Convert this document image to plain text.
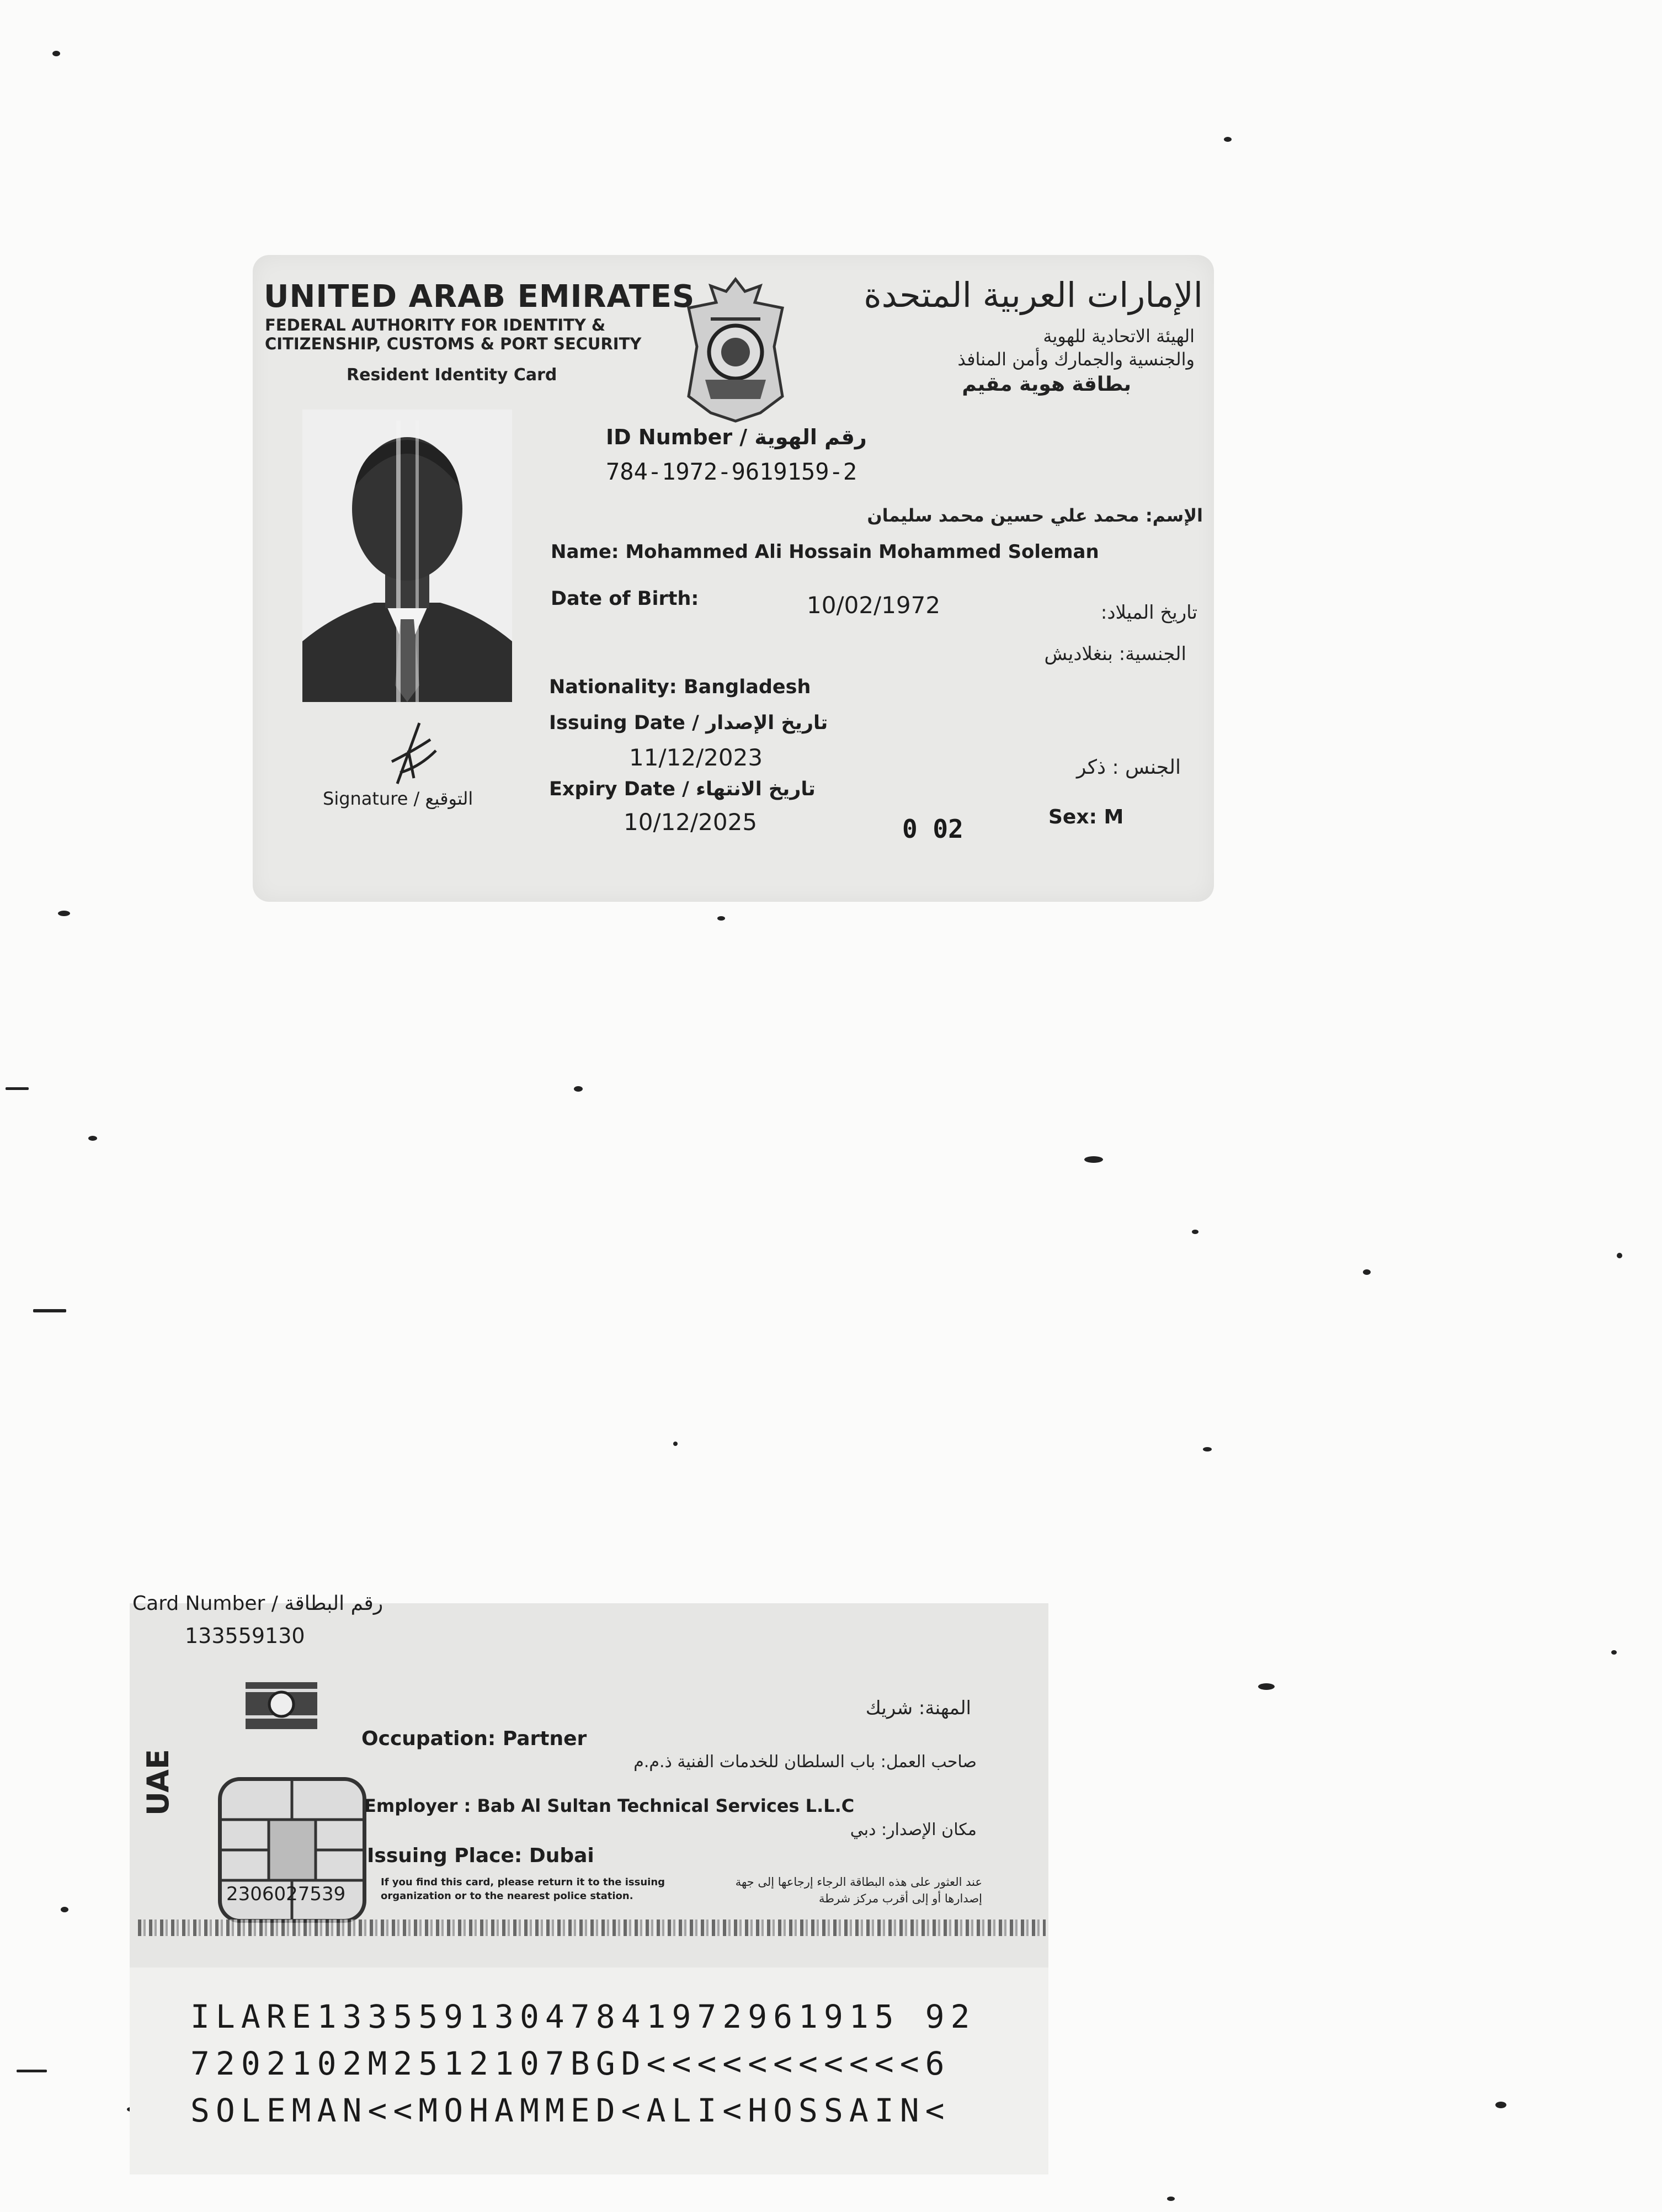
UNITED ARAB EMIRATES
FEDERAL AUTHORITY FOR IDENTITY &
CITIZENSHIP, CUSTOMS & PORT SECURITY
Resident Identity Card
الإمارات العربية المتحدة
الهيئة الاتحادية للهوية
والجنسية والجمارك وأمن المنافذ
بطاقة هوية مقيم
Signature / التوقيع
ID Number / رقم الهوية
784-1972-9619159-2
الإسم: محمد علي حسين محمد سليمان
Name: Mohammed Ali Hossain Mohammed Soleman
Date of Birth:	10/02/1972	تاريخ الميلاد:
الجنسية: بنغلاديش
Nationality: Bangladesh
Issuing Date / تاريخ الإصدار
11/12/2023	الجنس : ذكر
Expiry Date / تاريخ الانتهاء
10/12/2025	0 02	Sex: M
Card Number / رقم البطاقة
133559130
المهنة: شريك
Occupation: Partner
صاحب العمل: باب السلطان للخدمات الفنية ذ.م.م
UAE	Employer : Bab Al Sultan Technical Services L.L.C
مكان الإصدار: دبي
Issuing Place: Dubai
2306027539
If you find this card, please return it to the issuing
organization or to the nearest police station.
عند العثور على هذه البطاقة الرجاء إرجاعها إلى جهة
إصدارها أو إلى أقرب مركز شرطة
ILARE13355913047841972961915 92
7202102M2512107BGD<<<<<<<<<<<6
SOLEMAN<<MOHAMMED<ALI<HOSSAIN<
